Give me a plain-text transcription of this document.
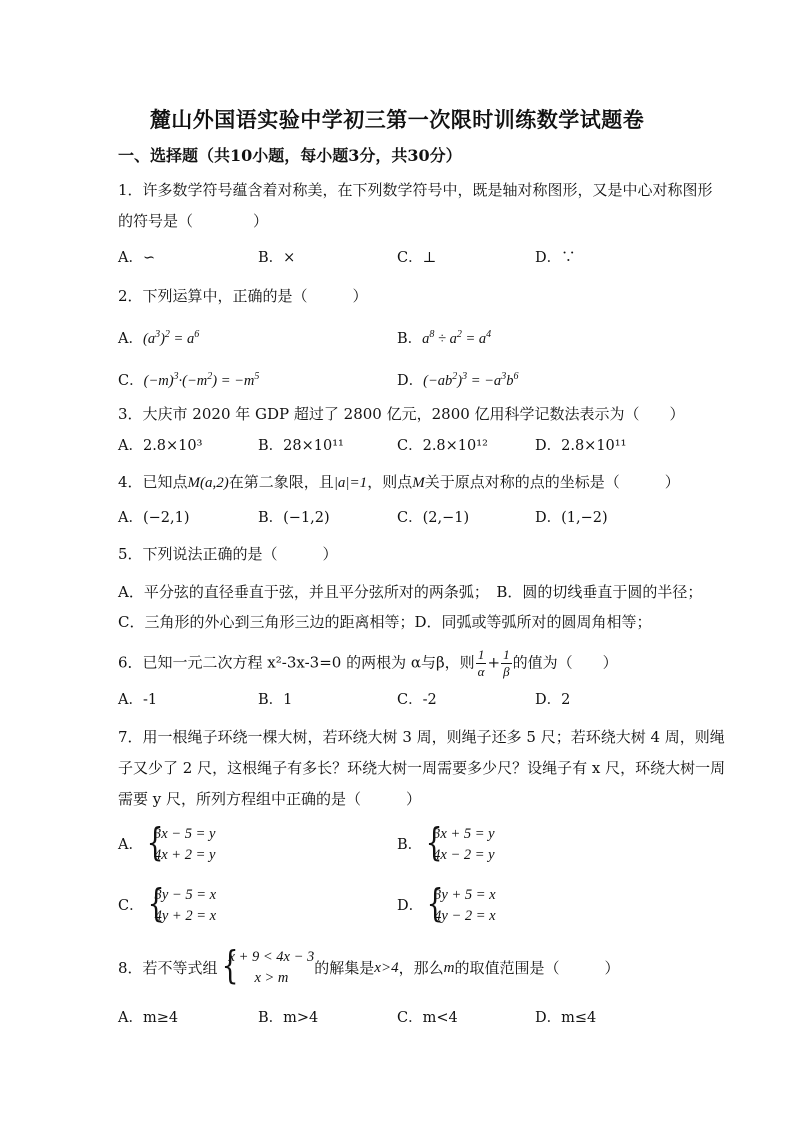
麓山外国语实验中学初三第一次限时训练数学试题卷
一、选择题（共10小题，每小题3分，共30分）
1．许多数学符号蕴含着对称美，在下列数学符号中，既是轴对称图形，又是中心对称图形
的符号是（　　　　）
A．∽	B．×	C．⊥	D．∵
2．下列运算中，正确的是（　　　）
A．$(a^3)^2 = a^6$	B．$a^8 \div a^2 = a^4$
C．$(-m)^3\cdot(-m^2) = -m^5$	D．$(-ab^2)^3 = -a^3b^6$
3．大庆市 2020 年 GDP 超过了 2800 亿元，2800 亿用科学记数法表示为（　　）
A．2.8×10³	B．28×10¹¹	C．2.8×10¹²	D．2.8×10¹¹
4．已知点M(a,2)在第二象限，且|a|=1，则点M关于原点对称的点的坐标是（　　　）
A．(−2,1)	B．(−1,2)	C．(2,−1)	D．(1,−2)
5．下列说法正确的是（　　　）
A．平分弦的直径垂直于弦，并且平分弦所对的两条弧；　B．圆的切线垂直于圆的半径；
C．三角形的外心到三角形三边的距离相等；D．同弧或等弧所对的圆周角相等；
6．已知一元二次方程 x²-3x-3=0 的两根为 α与β，则 $\frac{1}{\alpha} + \frac{1}{\beta}$ 的值为（　　）
A．-1	B．1	C．-2	D．2
7．用一根绳子环绕一棵大树，若环绕大树 3 周，则绳子还多 5 尺；若环绕大树 4 周，则绳
子又少了 2 尺，这根绳子有多长？环绕大树一周需要多少尺？设绳子有 x 尺，环绕大树一周
需要 y 尺，所列方程组中正确的是（　　　）
A． {
3x − 5 = y
4x + 2 = y
B． {
3x + 5 = y
4x − 2 = y
C． {
3y − 5 = x
4y + 2 = x
D． {
3y + 5 = x
4y − 2 = x
8．若不等式组 {
x + 9 < 4x − 3
x > m
的解集是x>4，那么m的取值范围是（　　　）
A．m≥4	B．m>4	C．m<4	D．m≤4
